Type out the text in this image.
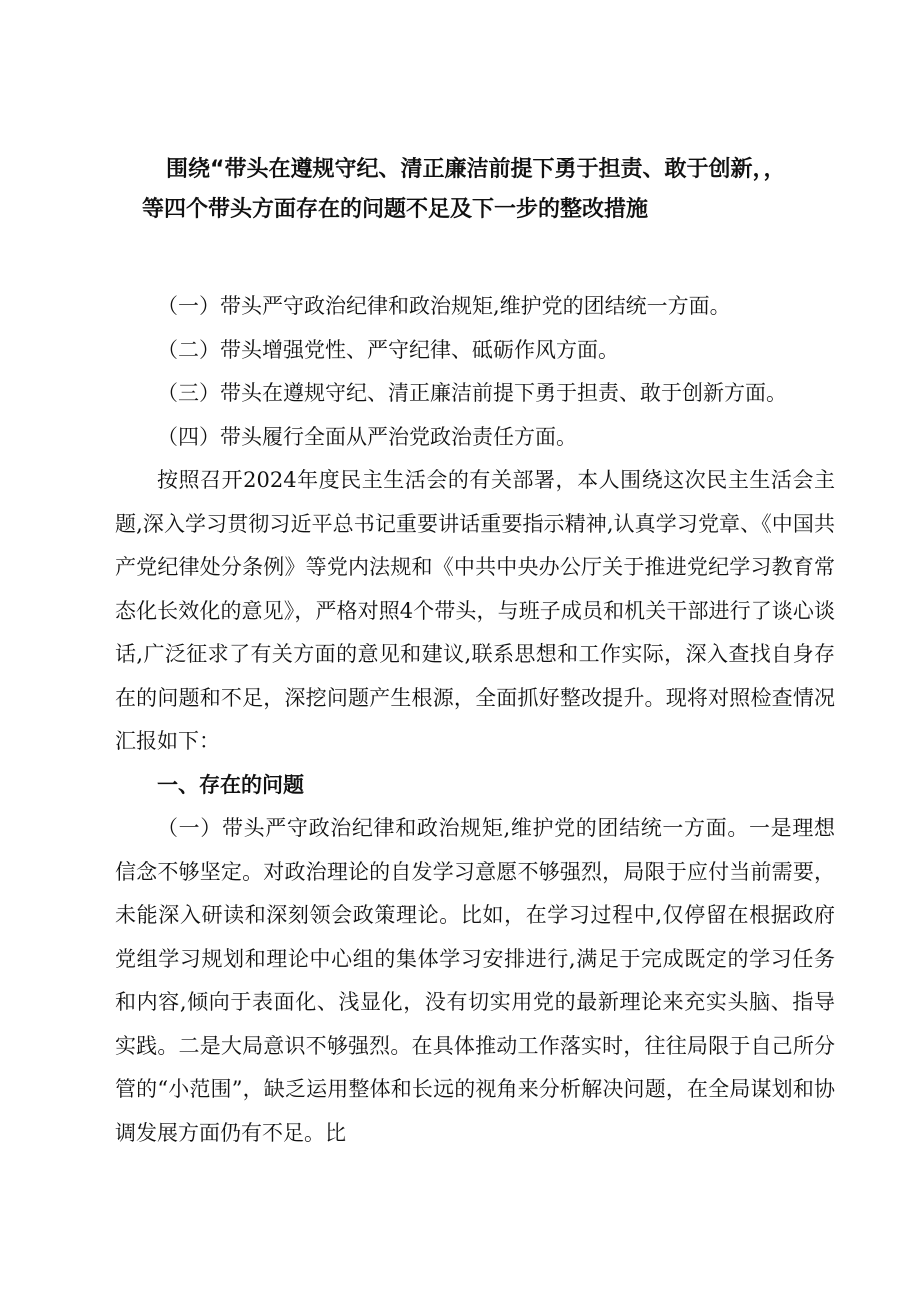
围绕“带头在遵规守纪、清正廉洁前提下勇于担责、敢于创新，，
等四个带头方面存在的问题不足及下一步的整改措施

（一）带头严守政治纪律和政治规矩,维护党的团结统一方面。

（二）带头增强党性、严守纪律、砥砺作风方面。

（三）带头在遵规守纪、清正廉洁前提下勇于担责、敢于创新方面。

（四）带头履行全面从严治党政治责任方面。

按照召开2024年度民主生活会的有关部署，本人围绕这次民主生活会主题,深入学习贯彻习近平总书记重要讲话重要指示精神,认真学习党章、《中国共产党纪律处分条例》等党内法规和《中共中央办公厅关于推进党纪学习教育常态化长效化的意见》，严格对照4个带头，与班子成员和机关干部进行了谈心谈话,广泛征求了有关方面的意见和建议,联系思想和工作实际，深入查找自身存在的问题和不足，深挖问题产生根源，全面抓好整改提升。现将对照检查情况汇报如下：

一、存在的问题

（一）带头严守政治纪律和政治规矩,维护党的团结统一方面。一是理想信念不够坚定。对政治理论的自发学习意愿不够强烈，局限于应付当前需要，未能深入研读和深刻领会政策理论。比如，在学习过程中,仅停留在根据政府党组学习规划和理论中心组的集体学习安排进行,满足于完成既定的学习任务和内容,倾向于表面化、浅显化，没有切实用党的最新理论来充实头脑、指导实践。二是大局意识不够强烈。在具体推动工作落实时，往往局限于自己所分管的“小范围”，缺乏运用整体和长远的视角来分析解决问题，在全局谋划和协调发展方面仍有不足。比
